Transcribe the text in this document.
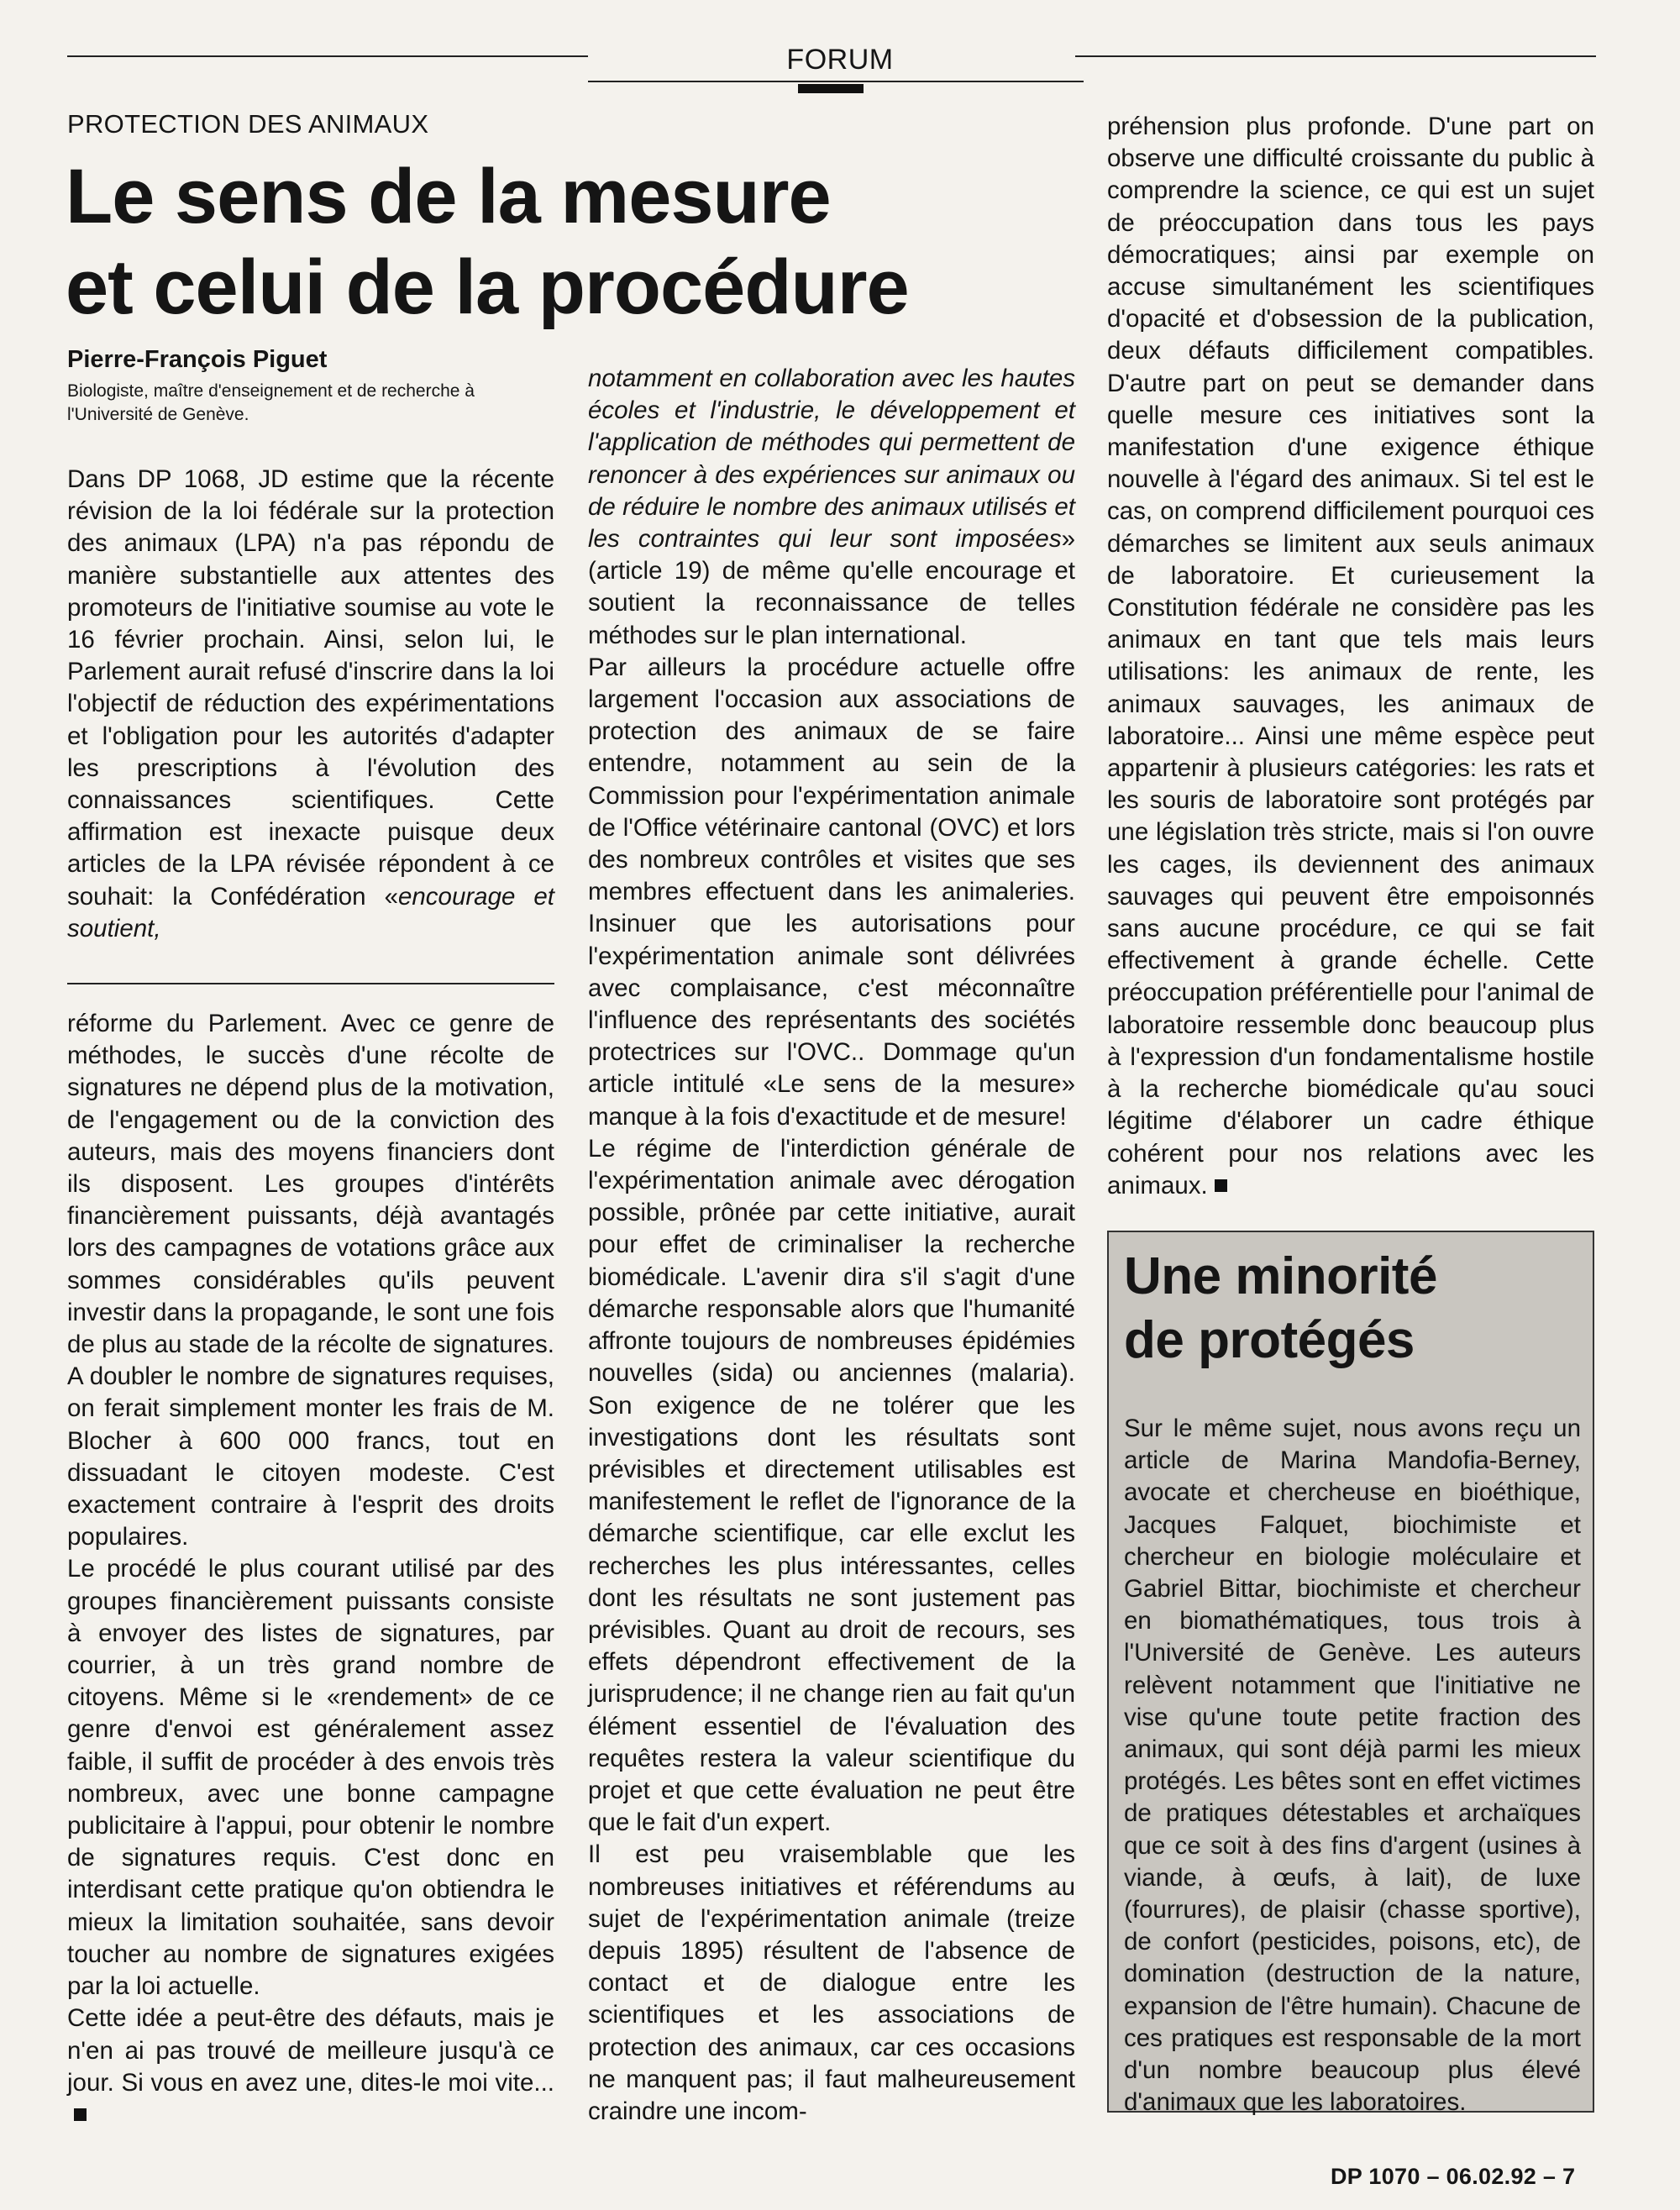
FORUM
PROTECTION DES ANIMAUX
Le sens de la mesure
et celui de la procédure
Pierre-François Piguet
Biologiste, maître d'enseignement et de recherche à l'Université de Genève.

Dans DP 1068, JD estime que la récente révision de la loi fédérale sur la protection des animaux (LPA) n'a pas répondu de manière substantielle aux attentes des promoteurs de l'initiative soumise au vote le 16 février prochain. Ainsi, selon lui, le Parlement aurait refusé d'inscrire dans la loi l'objectif de réduction des expérimentations et l'obligation pour les autorités d'adapter les prescriptions à l'évolution des connaissances scientifiques. Cette affirmation est inexacte puisque deux articles de la LPA révisée répondent à ce souhait: la Confédération «encourage et soutient,

réforme du Parlement. Avec ce genre de méthodes, le succès d'une récolte de signatures ne dépend plus de la motivation, de l'engagement ou de la conviction des auteurs, mais des moyens financiers dont ils disposent. Les groupes d'intérêts financièrement puissants, déjà avantagés lors des campagnes de votations grâce aux sommes considérables qu'ils peuvent investir dans la propagande, le sont une fois de plus au stade de la récolte de signatures. A doubler le nombre de signatures requises, on ferait simplement monter les frais de M. Blocher à 600 000 francs, tout en dissuadant le citoyen modeste. C'est exactement contraire à l'esprit des droits populaires.

Le procédé le plus courant utilisé par des groupes financièrement puissants consiste à envoyer des listes de signatures, par courrier, à un très grand nombre de citoyens. Même si le «rendement» de ce genre d'envoi est généralement assez faible, il suffit de procéder à des envois très nombreux, avec une bonne campagne publicitaire à l'appui, pour obtenir le nombre de signatures requis. C'est donc en interdisant cette pratique qu'on obtiendra le mieux la limitation souhaitée, sans devoir toucher au nombre de signatures exigées par la loi actuelle.

Cette idée a peut-être des défauts, mais je n'en ai pas trouvé de meilleure jusqu'à ce jour. Si vous en avez une, dites-le moi vite...

notamment en collaboration avec les hautes écoles et l'industrie, le développement et l'application de méthodes qui permettent de renoncer à des expériences sur animaux ou de réduire le nombre des animaux utilisés et les contraintes qui leur sont imposées» (article 19) de même qu'elle encourage et soutient la reconnaissance de telles méthodes sur le plan international.

Par ailleurs la procédure actuelle offre largement l'occasion aux associations de protection des animaux de se faire entendre, notamment au sein de la Commission pour l'expérimentation animale de l'Office vétérinaire cantonal (OVC) et lors des nombreux contrôles et visites que ses membres effectuent dans les animaleries. Insinuer que les autorisations pour l'expérimentation animale sont délivrées avec complaisance, c'est méconnaître l'influence des représentants des sociétés protectrices sur l'OVC.. Dommage qu'un article intitulé «Le sens de la mesure» manque à la fois d'exactitude et de mesure!

Le régime de l'interdiction générale de l'expérimentation animale avec dérogation possible, prônée par cette initiative, aurait pour effet de criminaliser la recherche biomédicale. L'avenir dira s'il s'agit d'une démarche responsable alors que l'humanité affronte toujours de nombreuses épidémies nouvelles (sida) ou anciennes (malaria). Son exigence de ne tolérer que les investigations dont les résultats sont prévisibles et directement utilisables est manifestement le reflet de l'ignorance de la démarche scientifique, car elle exclut les recherches les plus intéressantes, celles dont les résultats ne sont justement pas prévisibles. Quant au droit de recours, ses effets dépendront effectivement de la jurisprudence; il ne change rien au fait qu'un élément essentiel de l'évaluation des requêtes restera la valeur scientifique du projet et que cette évaluation ne peut être que le fait d'un expert.

Il est peu vraisemblable que les nombreuses initiatives et référendums au sujet de l'expérimentation animale (treize depuis 1895) résultent de l'absence de contact et de dialogue entre les scientifiques et les associations de protection des animaux, car ces occasions ne manquent pas; il faut malheureusement craindre une incom-

préhension plus profonde. D'une part on observe une difficulté croissante du public à comprendre la science, ce qui est un sujet de préoccupation dans tous les pays démocratiques; ainsi par exemple on accuse simultanément les scientifiques d'opacité et d'obsession de la publication, deux défauts difficilement compatibles. D'autre part on peut se demander dans quelle mesure ces initiatives sont la manifestation d'une exigence éthique nouvelle à l'égard des animaux. Si tel est le cas, on comprend difficilement pourquoi ces démarches se limitent aux seuls animaux de laboratoire. Et curieusement la Constitution fédérale ne considère pas les animaux en tant que tels mais leurs utilisations: les animaux de rente, les animaux sauvages, les animaux de laboratoire... Ainsi une même espèce peut appartenir à plusieurs catégories: les rats et les souris de laboratoire sont protégés par une législation très stricte, mais si l'on ouvre les cages, ils deviennent des animaux sauvages qui peuvent être empoisonnés sans aucune procédure, ce qui se fait effectivement à grande échelle. Cette préoccupation préférentielle pour l'animal de laboratoire ressemble donc beaucoup plus à l'expression d'un fondamentalisme hostile à la recherche biomédicale qu'au souci légitime d'élaborer un cadre éthique cohérent pour nos relations avec les animaux.

Une minorité
de protégés

Sur le même sujet, nous avons reçu un article de Marina Mandofia-Berney, avocate et chercheuse en bioéthique, Jacques Falquet, biochimiste et chercheur en biologie moléculaire et Gabriel Bittar, biochimiste et chercheur en biomathématiques, tous trois à l'Université de Genève. Les auteurs relèvent notamment que l'initiative ne vise qu'une toute petite fraction des animaux, qui sont déjà parmi les mieux protégés. Les bêtes sont en effet victimes de pratiques détestables et archaïques que ce soit à des fins d'argent (usines à viande, à œufs, à lait), de luxe (fourrures), de plaisir (chasse sportive), de confort (pesticides, poisons, etc), de domination (destruction de la nature, expansion de l'être humain). Chacune de ces pratiques est responsable de la mort d'un nombre beaucoup plus élevé d'animaux que les laboratoires.

DP 1070 – 06.02.92 – 7
